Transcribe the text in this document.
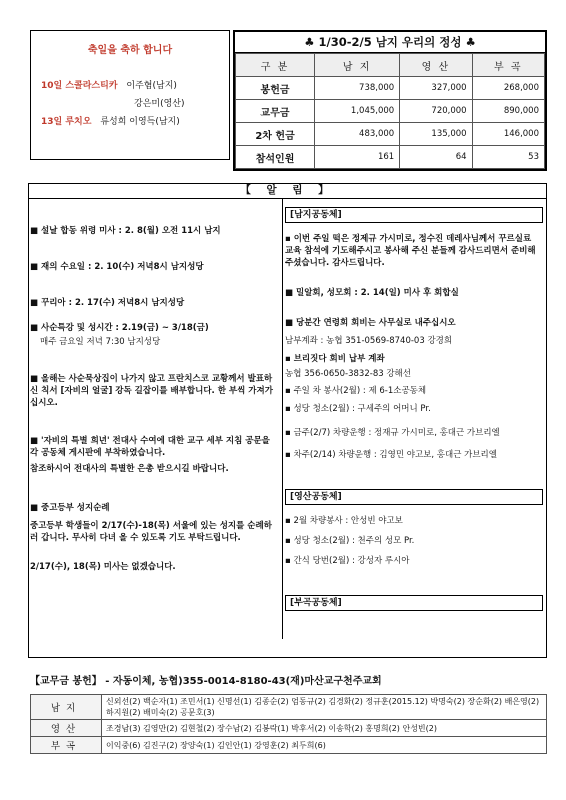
축일을 축하 합니다
10일 스콜라스티카 이주혐(남지)
강은미(영산)
13일 루치오 류성희 이영득(남지)
♣ 1/30-2/5 남지 우리의 정성 ♣
구 분	남 지	영 산	부 곡
봉헌금	738,000	327,000	268,000
교무금	1,045,000	720,000	890,000
2차 헌금	483,000	135,000	146,000
참석인원	161	64	53
【 알 림 】
■ 설날 합동 위령 미사 : 2. 8(월) 오전 11시 남지
■ 재의 수요일 : 2. 10(수) 저녁8시 남지성당
■ 꾸리아 : 2. 17(수) 저녁8시 남지성당
■ 사순특강 및 성시간 : 2.19(금) ~ 3/18(금)
매주 금요일 저녁 7:30 남지성당
■ 올해는 사순묵상집이 나가지 않고 프란치스코 교황께서 발표하신 칙서 [자비의 얼굴] 강독 길잡이를 배부합니다. 한 부씩 가져가십시오.
■ '자비의 특별 희년' 전대사 수여에 대한 교구 세부 지침 공문을 각 공동체 게시판에 부착하였습니다.
참조하시어 전대사의 특별한 은총 받으시길 바랍니다.
■ 중고등부 성지순례
중고등부 학생들이 2/17(수)-18(목) 서울에 있는 성지를 순례하러 갑니다. 무사히 다녀 올 수 있도록 기도 부탁드립니다.
2/17(수), 18(목) 미사는 없겠습니다.
[남지공동체]
▪ 이번 주일 떡은 정제규 가시미로, 정수진 데레사님께서 꾸르실료 교육 참석에 기도해주시고 봉사해 주신 분들께 감사드리면서 준비해 주셨습니다. 감사드립니다.
■ 밀알회, 성모회 : 2. 14(일) 미사 후 회합실
■ 당분간 연령회 회비는 사무실로 내주십시오
남부계좌 : 농협 351-0569-8740-03 강경희
▪ 브리짓다 회비 납부 계좌
농협 356-0650-3832-83 강해선
▪ 주일 차 봉사(2월) : 제 6-1소공동체
▪ 성당 청소(2월) : 구세주의 어머니 Pr.
▪ 금주(2/7) 차량운행 : 정재규 가시미로, 홍대근 가브리엘
▪ 차주(2/14) 차량운행 : 김영민 야고보, 홍대근 가브리엘
[영산공동체]
▪ 2월 차량봉사 : 안성빈 야고보
▪ 성당 청소(2월) : 천주의 성모 Pr.
▪ 간식 당번(2월) : 강성자 루시아
[부곡공동체]
【교무금 봉헌】 - 자동이체, 농협)355-0014-8180-43(재)마산교구천주교회
남지	신외선(2) 백순자(1) 조민서(1) 신명선(1) 김종순(2) 엄동규(2) 김경화(2) 정규훈(2015.12) 박명숙(2) 장순화(2) 배은영(2) 하지원(2) 배미숙(2) 공문호(3)
영산	조경남(3) 김영만(2) 김현철(2) 장수남(2) 김봉락(1) 박후서(2) 이송학(2) 홍명희(2) 안성빈(2)
부곡	이익중(6) 김진구(2) 장양숙(1) 김인안(1) 강영훈(2) 최두희(6)
